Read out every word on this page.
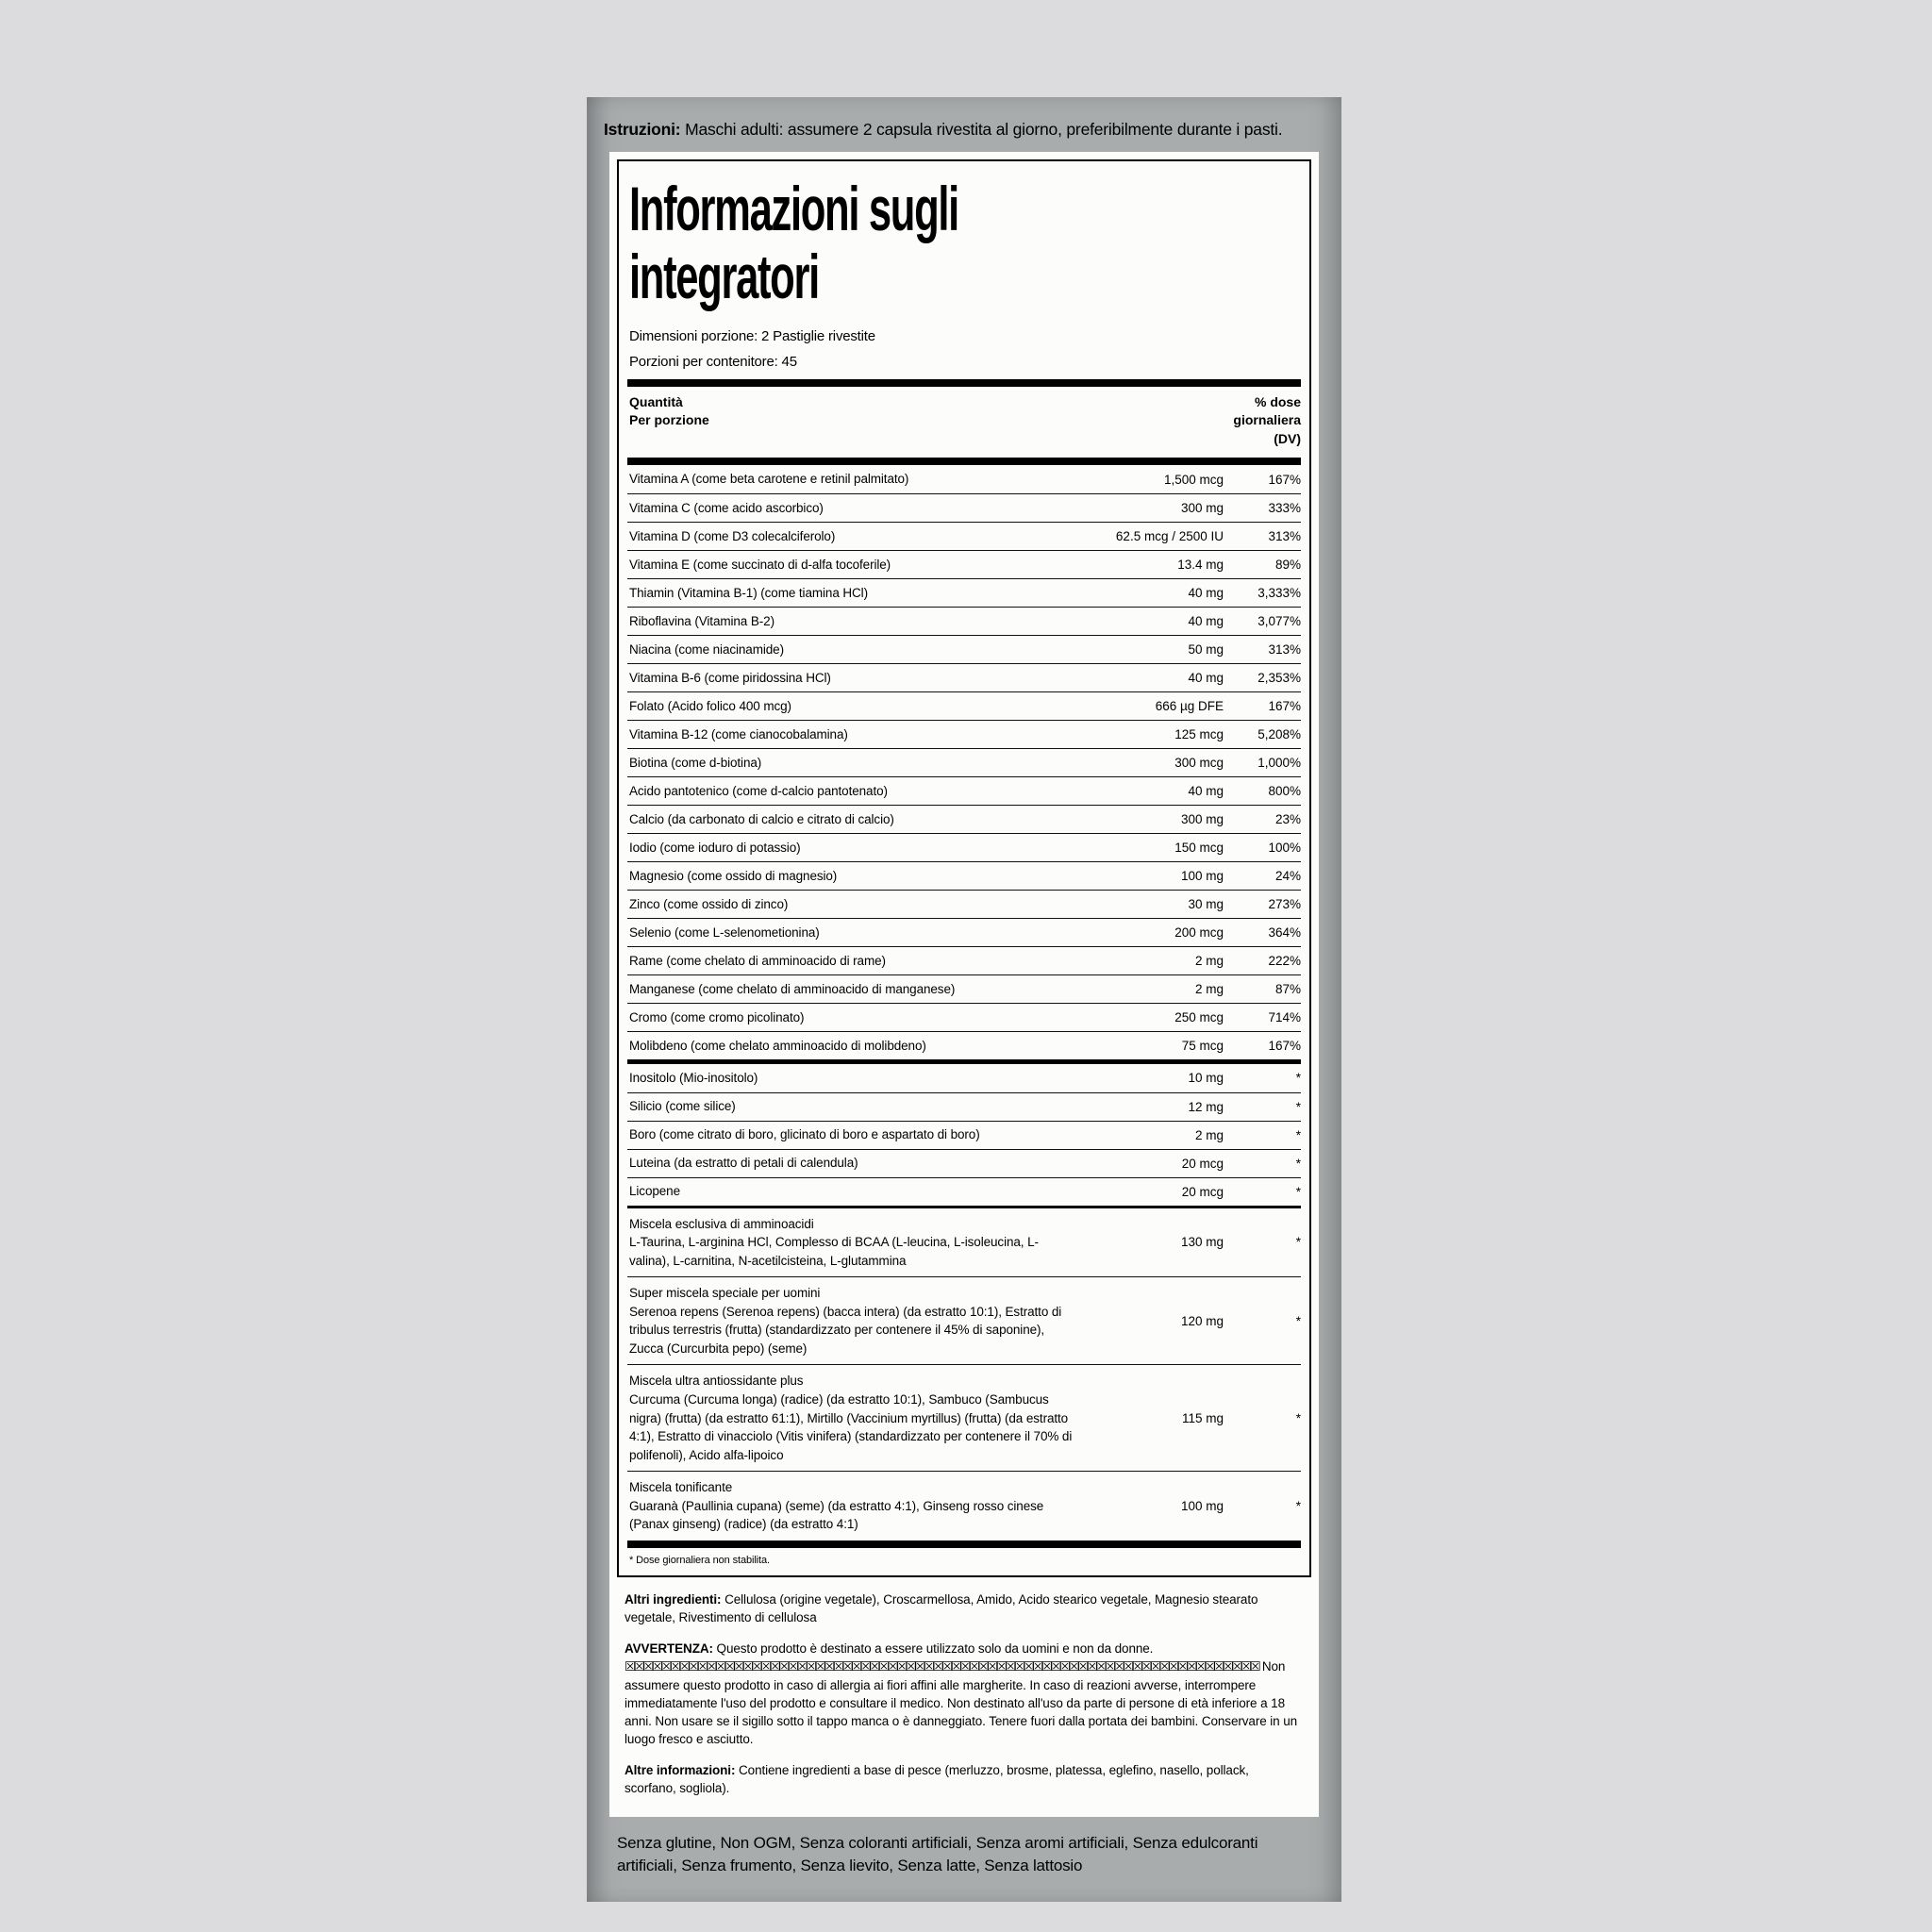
Istruzioni: Maschi adulti: assumere 2 capsula rivestita al giorno, preferibilmente durante i pasti.

Informazioni sugli
integratori

Dimensioni porzione: 2 Pastiglie rivestite

Porzioni per contenitore: 45

Quantità
Per porzione
% dose
giornaliera
(DV)
Vitamina A (come beta carotene e retinil palmitato)	1,500 mcg	167%
Vitamina C (come acido ascorbico)	300 mg	333%
Vitamina D (come D3 colecalciferolo)	62.5 mcg / 2500 IU	313%
Vitamina E (come succinato di d-alfa tocoferile)	13.4 mg	89%
Thiamin (Vitamina B-1) (come tiamina HCl)	40 mg	3,333%
Riboflavina (Vitamina B-2)	40 mg	3,077%
Niacina (come niacinamide)	50 mg	313%
Vitamina B-6 (come piridossina HCl)	40 mg	2,353%
Folato (Acido folico 400 mcg)	666 µg DFE	167%
Vitamina B-12 (come cianocobalamina)	125 mcg	5,208%
Biotina (come d-biotina)	300 mcg	1,000%
Acido pantotenico (come d-calcio pantotenato)	40 mg	800%
Calcio (da carbonato di calcio e citrato di calcio)	300 mg	23%
Iodio (come ioduro di potassio)	150 mcg	100%
Magnesio (come ossido di magnesio)	100 mg	24%
Zinco (come ossido di zinco)	30 mg	273%
Selenio (come L-selenometionina)	200 mcg	364%
Rame (come chelato di amminoacido di rame)	2 mg	222%
Manganese (come chelato di amminoacido di manganese)	2 mg	87%
Cromo (come cromo picolinato)	250 mcg	714%
Molibdeno (come chelato amminoacido di molibdeno)	75 mcg	167%
Inositolo (Mio-inositolo)	10 mg	*
Silicio (come silice)	12 mg	*
Boro (come citrato di boro, glicinato di boro e aspartato di boro)	2 mg	*
Luteina (da estratto di petali di calendula)	20 mcg	*
Licopene	20 mcg	*
Miscela esclusiva di amminoacidi
L-Taurina, L-arginina HCl, Complesso di BCAA (L-leucina, L-isoleucina, L-valina), L-carnitina, N-acetilcisteina, L-glutammina
130 mg	*
Super miscela speciale per uomini
Serenoa repens (Serenoa repens) (bacca intera) (da estratto 10:1), Estratto di tribulus terrestris (frutta) (standardizzato per contenere il 45% di saponine), Zucca (Curcurbita pepo) (seme)
120 mg	*
Miscela ultra antiossidante plus
Curcuma (Curcuma longa) (radice) (da estratto 10:1), Sambuco (Sambucus nigra) (frutta) (da estratto 61:1), Mirtillo (Vaccinium myrtillus) (frutta) (da estratto 4:1), Estratto di vinacciolo (Vitis vinifera) (standardizzato per contenere il 70% di polifenoli), Acido alfa-lipoico
115 mg	*
Miscela tonificante
Guaranà (Paullinia cupana) (seme) (da estratto 4:1), Ginseng rosso cinese (Panax ginseng) (radice) (da estratto 4:1)
100 mg	*

* Dose giornaliera non stabilita.

Altri ingredienti: Cellulosa (origine vegetale), Croscarmellosa, Amido, Acido stearico vegetale, Magnesio stearato vegetale, Rivestimento di cellulosa

AVVERTENZA: Questo prodotto è destinato a essere utilizzato solo da uomini e non da donne. ☒☒☒☒☒☒☒☒☒☒☒☒☒☒☒☒☒☒☒☒☒☒☒☒☒☒☒☒☒☒☒☒☒☒☒☒☒☒☒☒☒☒☒☒☒☒☒☒☒☒☒☒☒☒☒☒☒☒☒☒☒☒☒☒☒☒☒☒☒☒ Non assumere questo prodotto in caso di allergia ai fiori affini alle margherite. In caso di reazioni avverse, interrompere immediatamente l'uso del prodotto e consultare il medico. Non destinato all'uso da parte di persone di età inferiore a 18 anni. Non usare se il sigillo sotto il tappo manca o è danneggiato. Tenere fuori dalla portata dei bambini. Conservare in un luogo fresco e asciutto.

Altre informazioni: Contiene ingredienti a base di pesce (merluzzo, brosme, platessa, eglefino, nasello, pollack, scorfano, sogliola).

Senza glutine, Non OGM, Senza coloranti artificiali, Senza aromi artificiali, Senza edulcoranti artificiali, Senza frumento, Senza lievito, Senza latte, Senza lattosio
